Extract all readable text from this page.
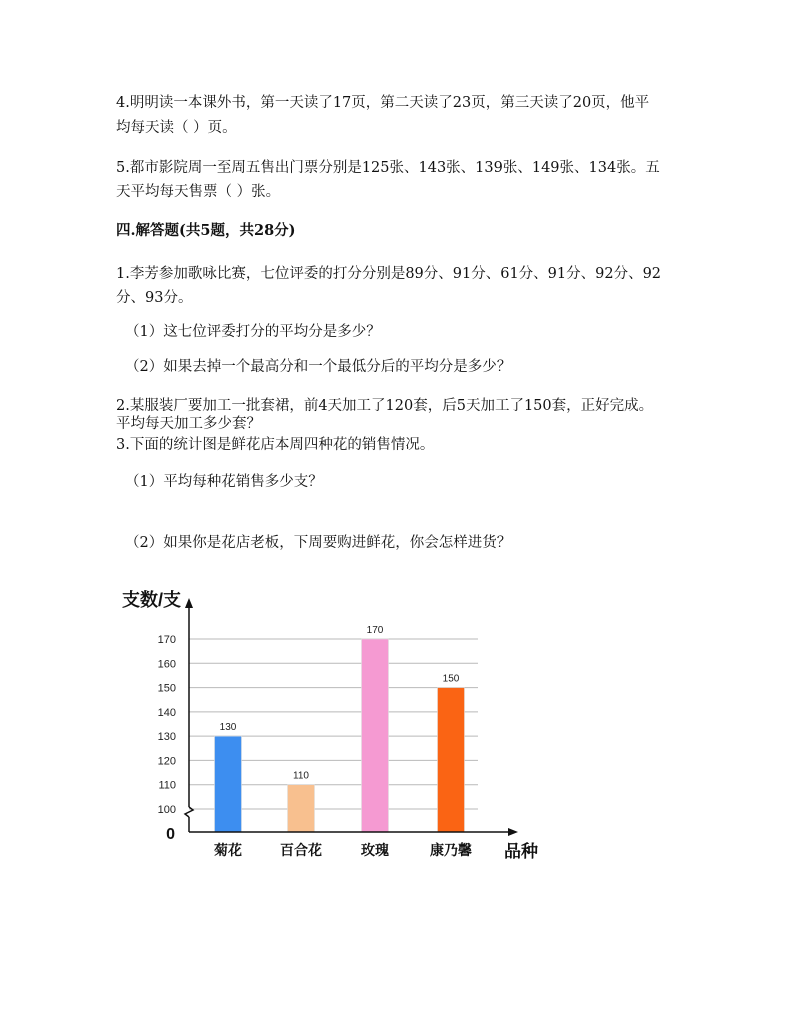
4.明明读一本课外书，第一天读了17页，第二天读了23页，第三天读了20页，他平
均每天读（ ）页。
5.都市影院周一至周五售出门票分别是125张、143张、139张、149张、134张。五
天平均每天售票（ ）张。
四.解答题(共5题，共28分)
1.李芳参加歌咏比赛，七位评委的打分分别是89分、91分、61分、91分、92分、92
分、93分。
（1）这七位评委打分的平均分是多少？
（2）如果去掉一个最高分和一个最低分后的平均分是多少？
2.某服装厂要加工一批套裙，前4天加工了120套，后5天加工了150套，正好完成。
平均每天加工多少套？
3.下面的统计图是鲜花店本周四种花的销售情况。
（1）平均每种花销售多少支？
（2）如果你是花店老板，下周要购进鲜花，你会怎样进货？
100
110
120
130
140
150
160
170
0
130
菊花
110
百合花
170
玫瑰
150
康乃馨
支数/支
品种
